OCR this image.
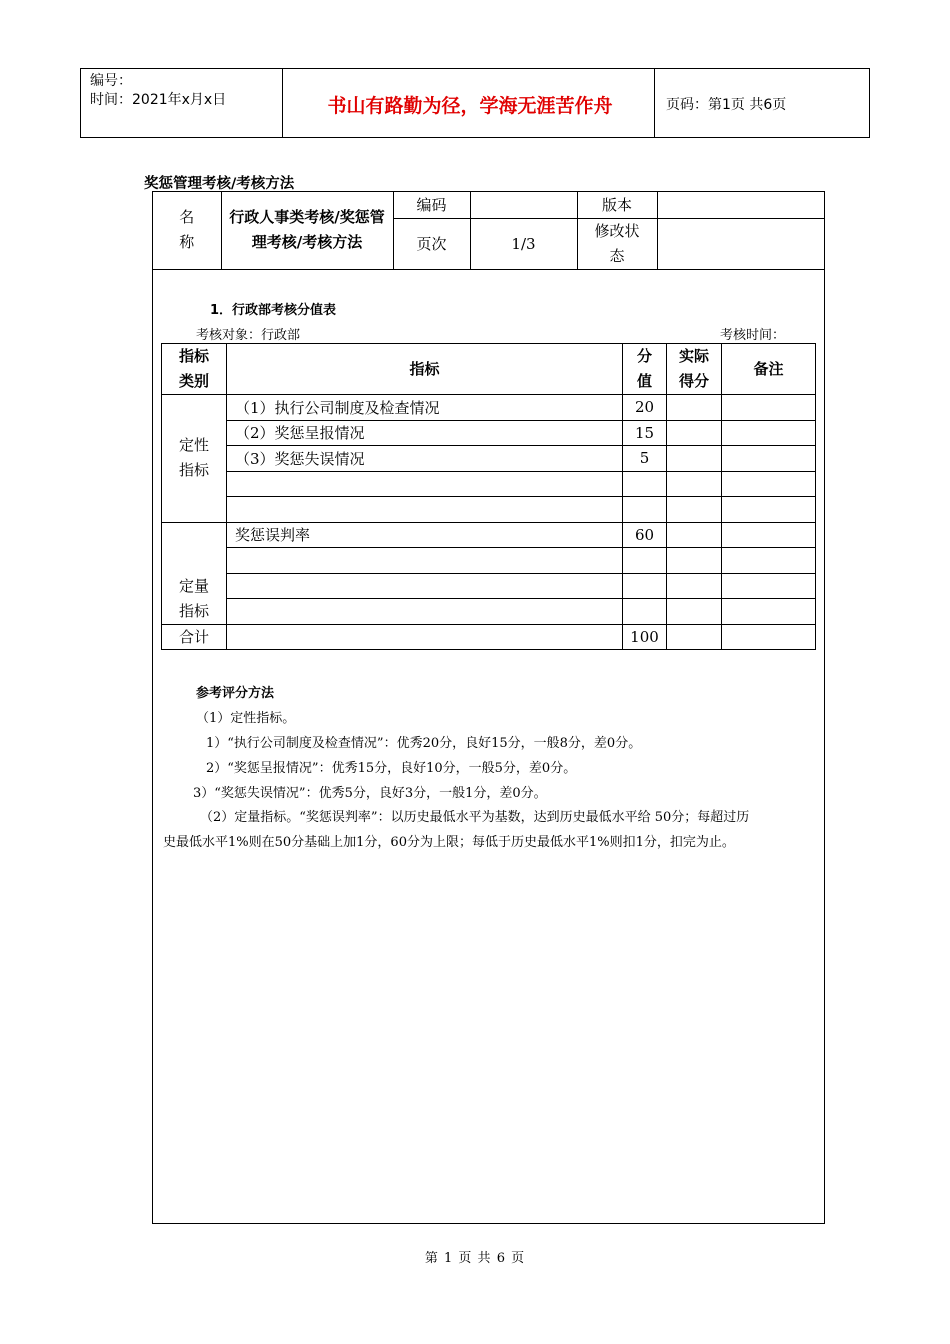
编号：
时间：2021年x月x日	书山有路勤为径，学海无涯苦作舟	页码：第1页 共6页
奖惩管理考核/考核方法
名称	行政人事类考核/奖惩管理考核/考核方法	编码		版本	
		页次	1/3	修改状态	
1．行政部考核分值表
考核对象：行政部	考核时间：
指标类别	指标	分值	实际得分	备注
定性指标	（1）执行公司制度及检查情况	20		
	（2）奖惩呈报情况	15		
	（3）奖惩失误情况	5		

定量指标	奖惩误判率	60		

合计		100		
参考评分方法
（1）定性指标。
1）“执行公司制度及检查情况”：优秀20分，良好15分，一般8分，差0分。
2）“奖惩呈报情况”：优秀15分，良好10分，一般5分，差0分。
3）“奖惩失误情况”：优秀5分，良好3分，一般1分，差0分。
（2）定量指标。“奖惩误判率”：以历史最低水平为基数，达到历史最低水平给 50分；每超过历
史最低水平1%则在50分基础上加1分，60分为上限；每低于历史最低水平1%则扣1分，扣完为止。
第 1 页 共 6 页
